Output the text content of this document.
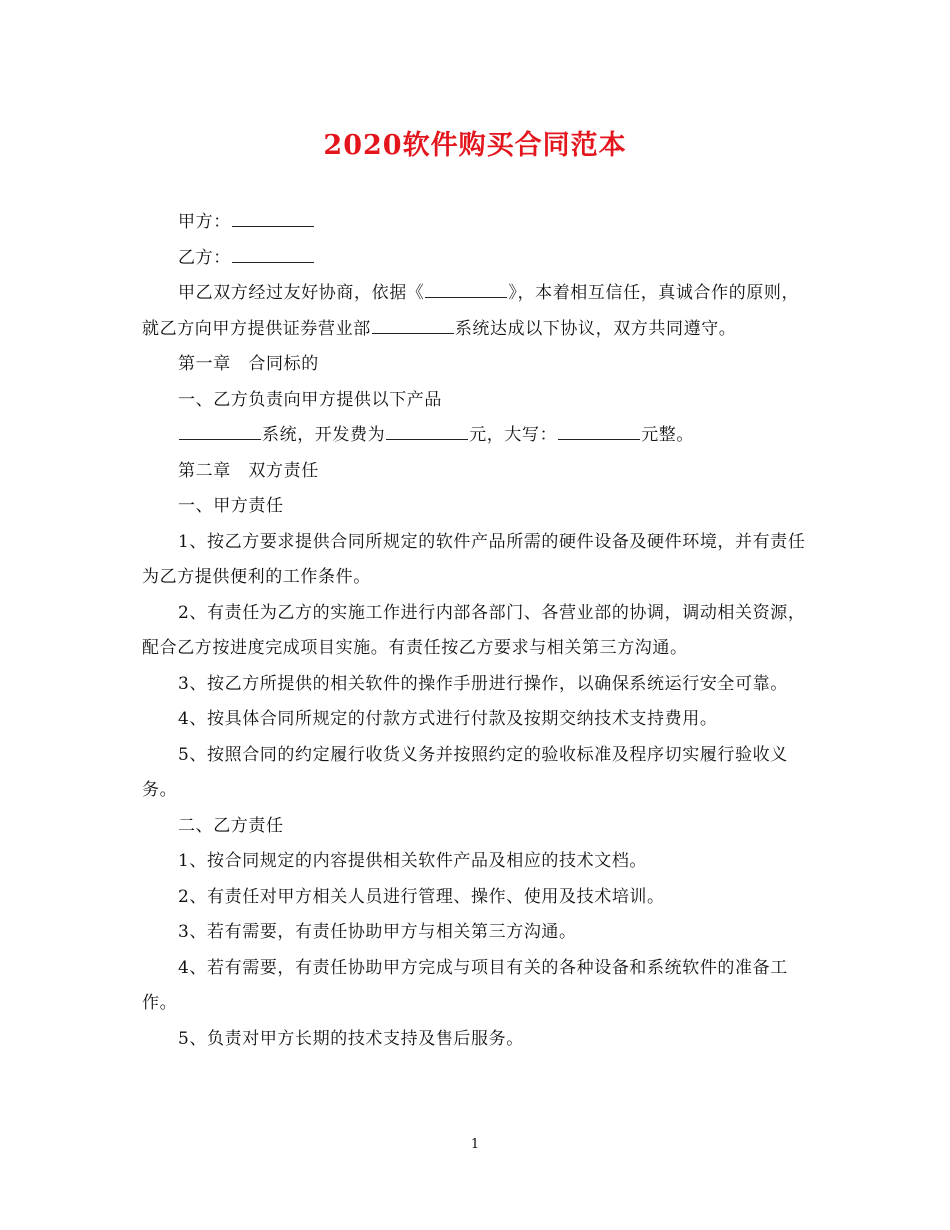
2020软件购买合同范本

甲方：

乙方：

甲乙双方经过友好协商，依据《	》，本着相互信任，真诚合作的原则，就乙方向甲方提供证券营业部	系统达成以下协议，双方共同遵守。

第一章　合同标的

一、乙方负责向甲方提供以下产品

系统，开发费为	元，大写：	元整。

第二章　双方责任

一、甲方责任

1、按乙方要求提供合同所规定的软件产品所需的硬件设备及硬件环境，并有责任为乙方提供便利的工作条件。

2、有责任为乙方的实施工作进行内部各部门、各营业部的协调，调动相关资源，配合乙方按进度完成项目实施。有责任按乙方要求与相关第三方沟通。

3、按乙方所提供的相关软件的操作手册进行操作，以确保系统运行安全可靠。

4、按具体合同所规定的付款方式进行付款及按期交纳技术支持费用。

5、按照合同的约定履行收货义务并按照约定的验收标准及程序切实履行验收义务。

二、乙方责任

1、按合同规定的内容提供相关软件产品及相应的技术文档。

2、有责任对甲方相关人员进行管理、操作、使用及技术培训。

3、若有需要，有责任协助甲方与相关第三方沟通。

4、若有需要，有责任协助甲方完成与项目有关的各种设备和系统软件的准备工作。

5、负责对甲方长期的技术支持及售后服务。

1
